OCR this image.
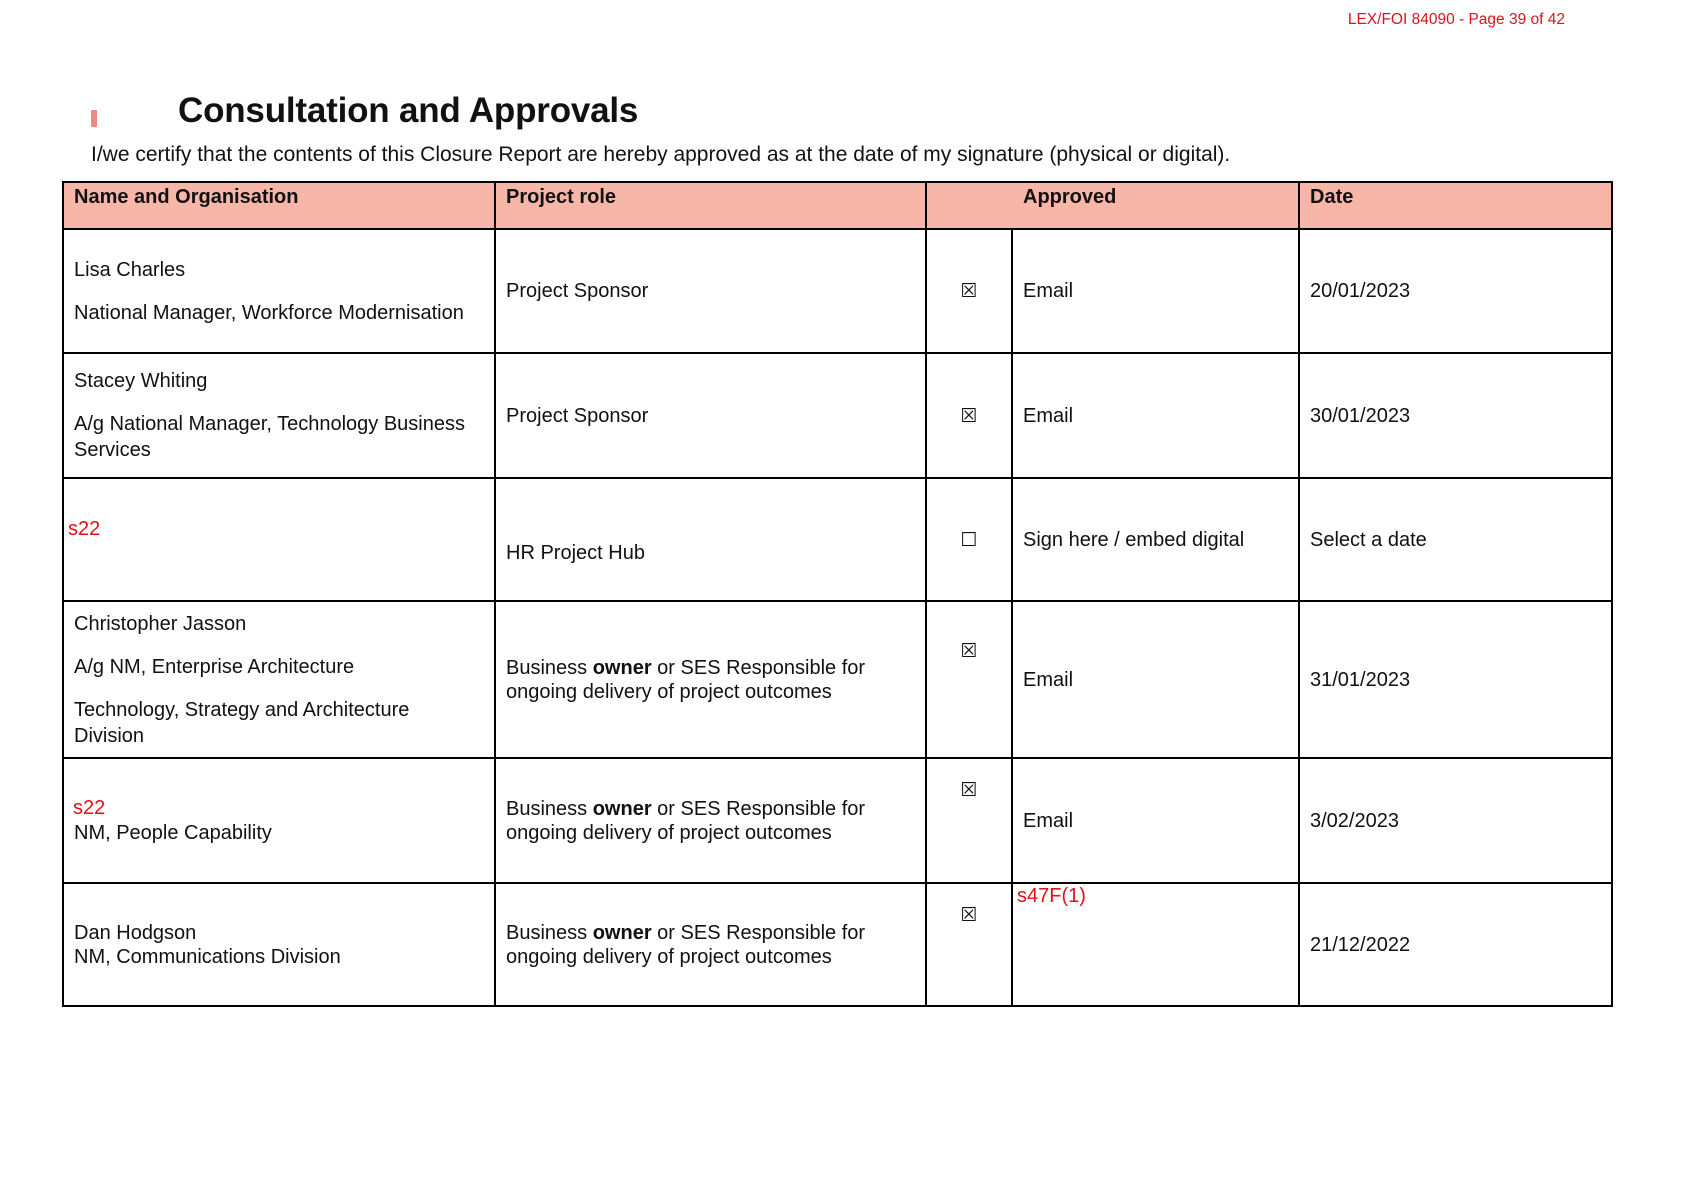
LEX/FOI 84090 - Page 39 of 42
Consultation and Approvals

I/we certify that the contents of this Closure Report are hereby approved as at the date of my signature (physical or digital).

Name and Organisation	Project role	Approved		Date

Lisa Charles
National Manager, Workforce Modernisation	Project Sponsor	☒	Email	20/01/2023

Stacey Whiting
A/g National Manager, Technology Business Services	Project Sponsor	☒	Email	30/01/2023

s22	HR Project Hub	☐	Sign here / embed digital	Select a date

Christopher Jasson
A/g NM, Enterprise Architecture
Technology, Strategy and Architecture Division	Business owner or SES Responsible for
ongoing delivery of project outcomes	☒	Email	31/01/2023

s22
NM, People Capability	Business owner or SES Responsible for
ongoing delivery of project outcomes	☒	Email	3/02/2023

Dan Hodgson
NM, Communications Division	Business owner or SES Responsible for
ongoing delivery of project outcomes	☒	s47F(1)	21/12/2022
